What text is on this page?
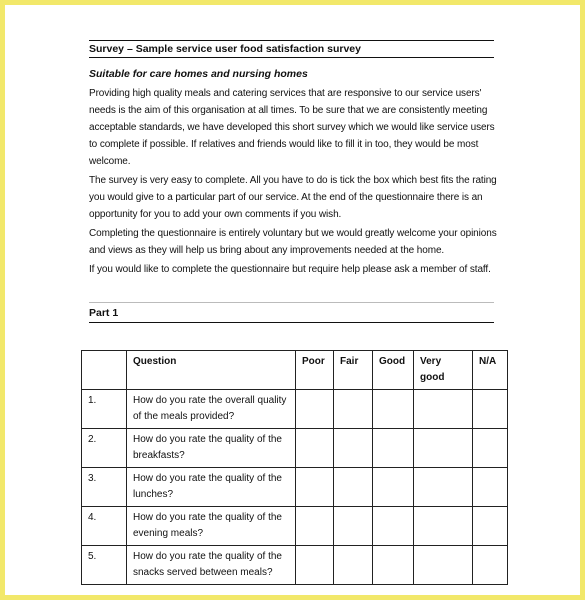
Survey – Sample service user food satisfaction survey
Suitable for care homes and nursing homes

Providing high quality meals and catering services that are responsive to our service users' needs is the aim of this organisation at all times. To be sure that we are consistently meeting acceptable standards, we have developed this short survey which we would like service users to complete if possible. If relatives and friends would like to fill it in too, they would be most welcome.

The survey is very easy to complete. All you have to do is tick the box which best fits the rating you would give to a particular part of our service. At the end of the questionnaire there is an opportunity for you to add your own comments if you wish.

Completing the questionnaire is entirely voluntary but we would greatly welcome your opinions and views as they will help us bring about any improvements needed at the home.

If you would like to complete the questionnaire but require help please ask a member of staff.

Part 1
	Question	Poor	Fair	Good	Very good	N/A
1.	How do you rate the overall quality of the meals provided?					
2.	How do you rate the quality of the breakfasts?					
3.	How do you rate the quality of the lunches?					
4.	How do you rate the quality of the evening meals?					
5.	How do you rate the quality of the snacks served between meals?					
